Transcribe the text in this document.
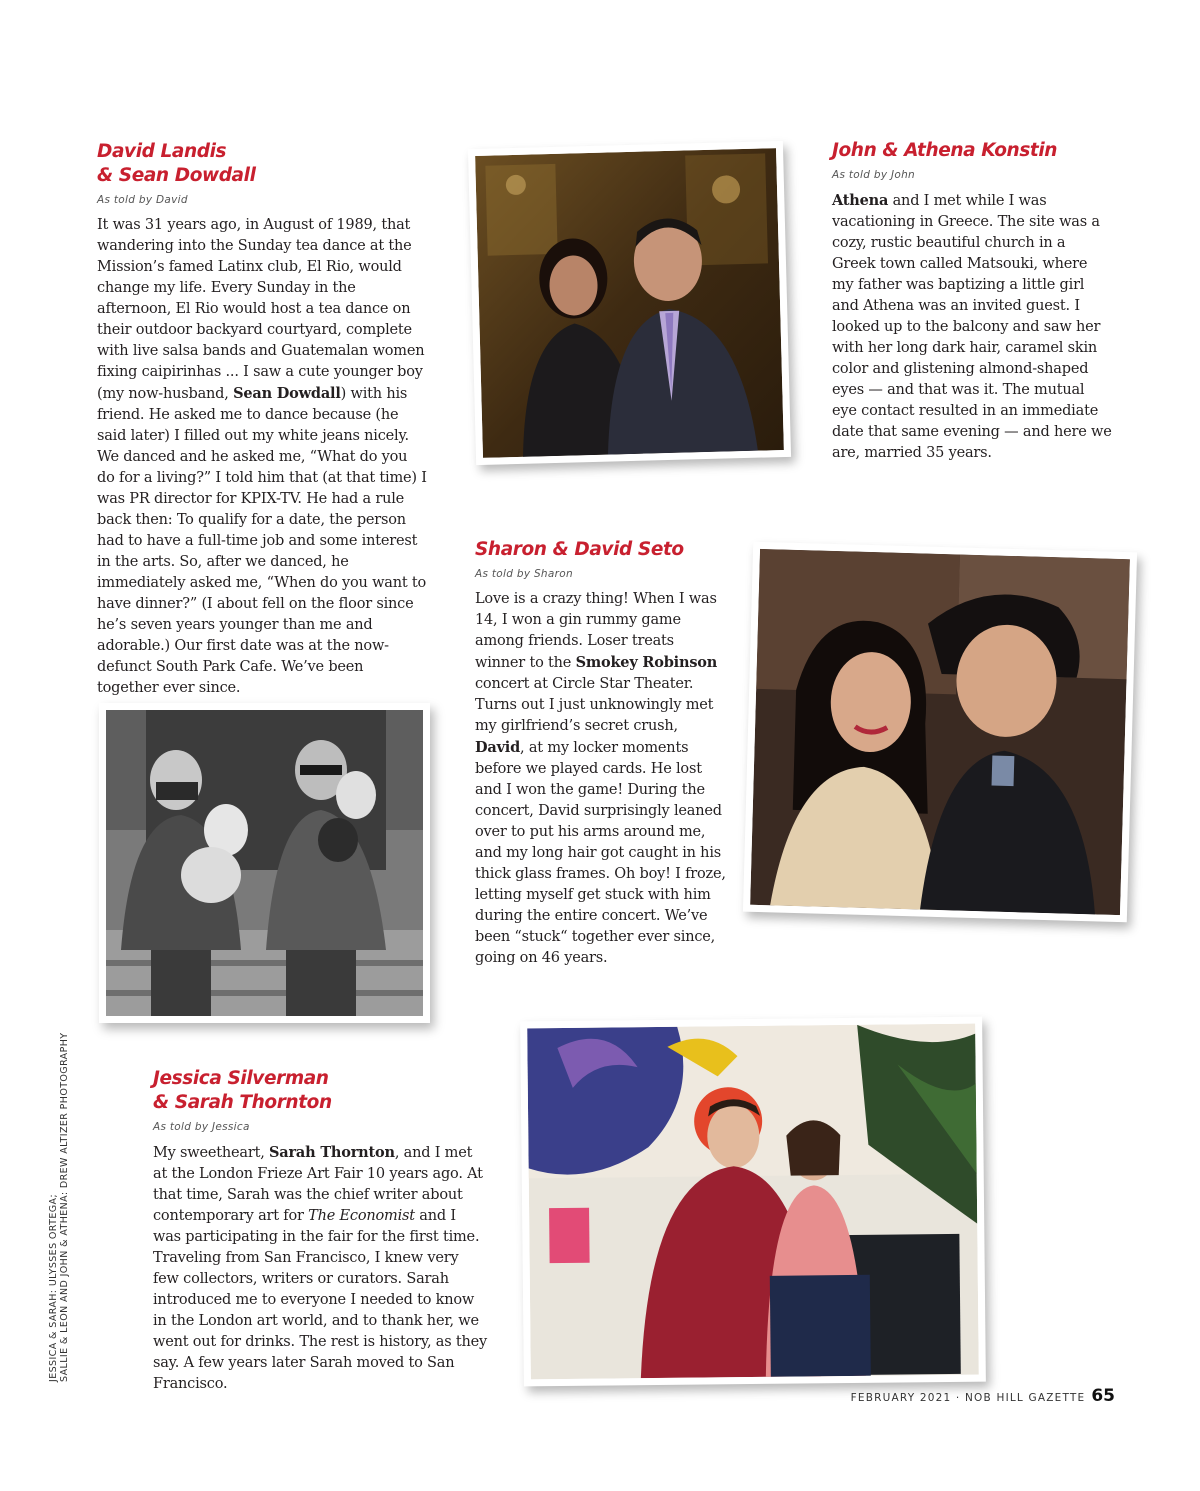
David Landis
& Sean Dowdall
As told by David

It was 31 years ago, in August of 1989, that wandering into the Sunday tea dance at the Mission’s famed Latinx club, El Rio, would change my life. Every Sunday in the afternoon, El Rio would host a tea dance on their outdoor backyard courtyard, complete with live salsa bands and Guatemalan women fixing caipirinhas ... I saw a cute younger boy (my now-husband, Sean Dowdall) with his friend. He asked me to dance because (he said later) I filled out my white jeans nicely. We danced and he asked me, “What do you do for a living?” I told him that (at that time) I was PR director for KPIX-TV. He had a rule back then: To qualify for a date, the person had to have a full-time job and some interest in the arts. So, after we danced, he immediately asked me, “When do you want to have dinner?” (I about fell on the floor since he’s seven years younger than me and adorable.) Our first date was at the now-defunct South Park Cafe. We’ve been together ever since.

John & Athena Konstin
As told by John

Athena and I met while I was vacationing in Greece. The site was a cozy, rustic beautiful church in a Greek town called Matsouki, where my father was baptizing a little girl and Athena was an invited guest. I looked up to the balcony and saw her with her long dark hair, caramel skin color and glistening almond-shaped eyes — and that was it. The mutual eye contact resulted in an immediate date that same evening — and here we are, married 35 years.

Sharon & David Seto
As told by Sharon

Love is a crazy thing! When I was 14, I won a gin rummy game among friends. Loser treats winner to the Smokey Robinson concert at Circle Star Theater. Turns out I just unknowingly met my girlfriend’s secret crush, David, at my locker moments before we played cards. He lost and I won the game! During the concert, David surprisingly leaned over to put his arms around me, and my long hair got caught in his thick glass frames. Oh boy! I froze, letting myself get stuck with him during the entire concert. We’ve been “stuck“ together ever since, going on 46 years.

Jessica Silverman
& Sarah Thornton
As told by Jessica

My sweetheart, Sarah Thornton, and I met at the London Frieze Art Fair 10 years ago. At that time, Sarah was the chief writer about contemporary art for The Economist and I was participating in the fair for the first time. Traveling from San Francisco, I knew very few collectors, writers or curators. Sarah introduced me to everyone I needed to know in the London art world, and to thank her, we went out for drinks. The rest is history, as they say. A few years later Sarah moved to San Francisco.

JESSICA & SARAH: ULYSSES ORTEGA; SALLIE & LEON AND JOHN & ATHENA: DREW ALTIZER PHOTOGRAPHY
FEBRUARY 2021 · NOB HILL GAZETTE 65
